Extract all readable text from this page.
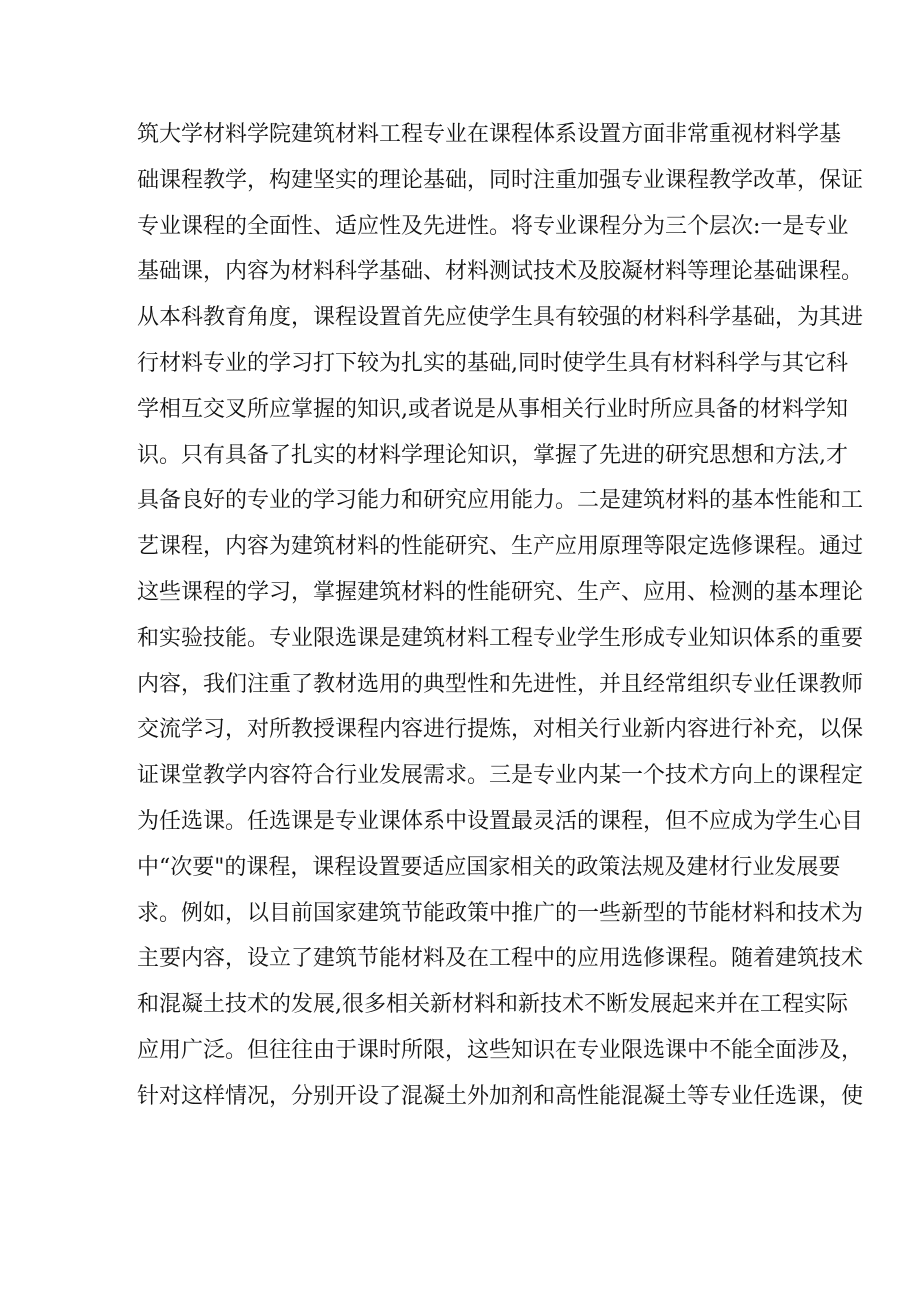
筑大学材料学院建筑材料工程专业在课程体系设置方面非常重视材料学基
础课程教学，构建坚实的理论基础，同时注重加强专业课程教学改革，保证
专业课程的全面性、适应性及先进性。将专业课程分为三个层次:一是专业
基础课，内容为材料科学基础、材料测试技术及胶凝材料等理论基础课程。
从本科教育角度，课程设置首先应使学生具有较强的材料科学基础，为其进
行材料专业的学习打下较为扎实的基础,同时使学生具有材料科学与其它科
学相互交叉所应掌握的知识,或者说是从事相关行业时所应具备的材料学知
识。只有具备了扎实的材料学理论知识，掌握了先进的研究思想和方法,才
具备良好的专业的学习能力和研究应用能力。二是建筑材料的基本性能和工
艺课程，内容为建筑材料的性能研究、生产应用原理等限定选修课程。通过
这些课程的学习，掌握建筑材料的性能研究、生产、应用、检测的基本理论
和实验技能。专业限选课是建筑材料工程专业学生形成专业知识体系的重要
内容，我们注重了教材选用的典型性和先进性，并且经常组织专业任课教师
交流学习，对所教授课程内容进行提炼，对相关行业新内容进行补充，以保
证课堂教学内容符合行业发展需求。三是专业内某一个技术方向上的课程定
为任选课。任选课是专业课体系中设置最灵活的课程，但不应成为学生心目
中“次要"的课程，课程设置要适应国家相关的政策法规及建材行业发展要
求。例如，以目前国家建筑节能政策中推广的一些新型的节能材料和技术为
主要内容，设立了建筑节能材料及在工程中的应用选修课程。随着建筑技术
和混凝土技术的发展,很多相关新材料和新技术不断发展起来并在工程实际
应用广泛。但往往由于课时所限，这些知识在专业限选课中不能全面涉及，
针对这样情况，分别开设了混凝土外加剂和高性能混凝土等专业任选课，使
